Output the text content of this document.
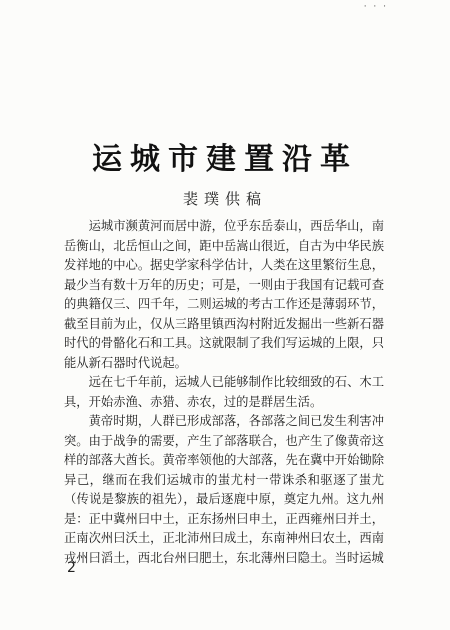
· · ·
运城市建置沿革
裴璞供稿

运城市濒黄河而居中游，位乎东岳泰山，西岳华山，南岳衡山，北岳恒山之间，距中岳嵩山很近，自古为中华民族发祥地的中心。据史学家科学估计，人类在这里繁衍生息，最少当有数十万年的历史；可是，一则由于我国有记载可查的典籍仅三、四千年，二则运城的考古工作还是薄弱环节，截至目前为止，仅从三路里镇西沟村附近发掘出一些新石器时代的骨骼化石和工具。这就限制了我们写运城的上限，只能从新石器时代说起。

远在七千年前，运城人已能够制作比较细致的石、木工具，开始赤渔、赤猎、赤农，过的是群居生活。

黄帝时期，人群已形成部落，各部落之间已发生利害冲突。由于战争的需要，产生了部落联合，也产生了像黄帝这样的部落大酋长。黄帝率领他的大部落，先在冀中开始锄除异己，继而在我们运城市的蚩尤村一带诛杀和驱逐了蚩尤（传说是黎族的祖先），最后逐鹿中原，奠定九州。这九州是：正中冀州曰中土，正东扬州曰申土，正西雍州曰并土，正南次州曰沃土，正北沛州曰成土，东南神州曰农土，西南戎州曰滔土，西北台州曰肥土，东北薄州曰隐土。当时运城

2
